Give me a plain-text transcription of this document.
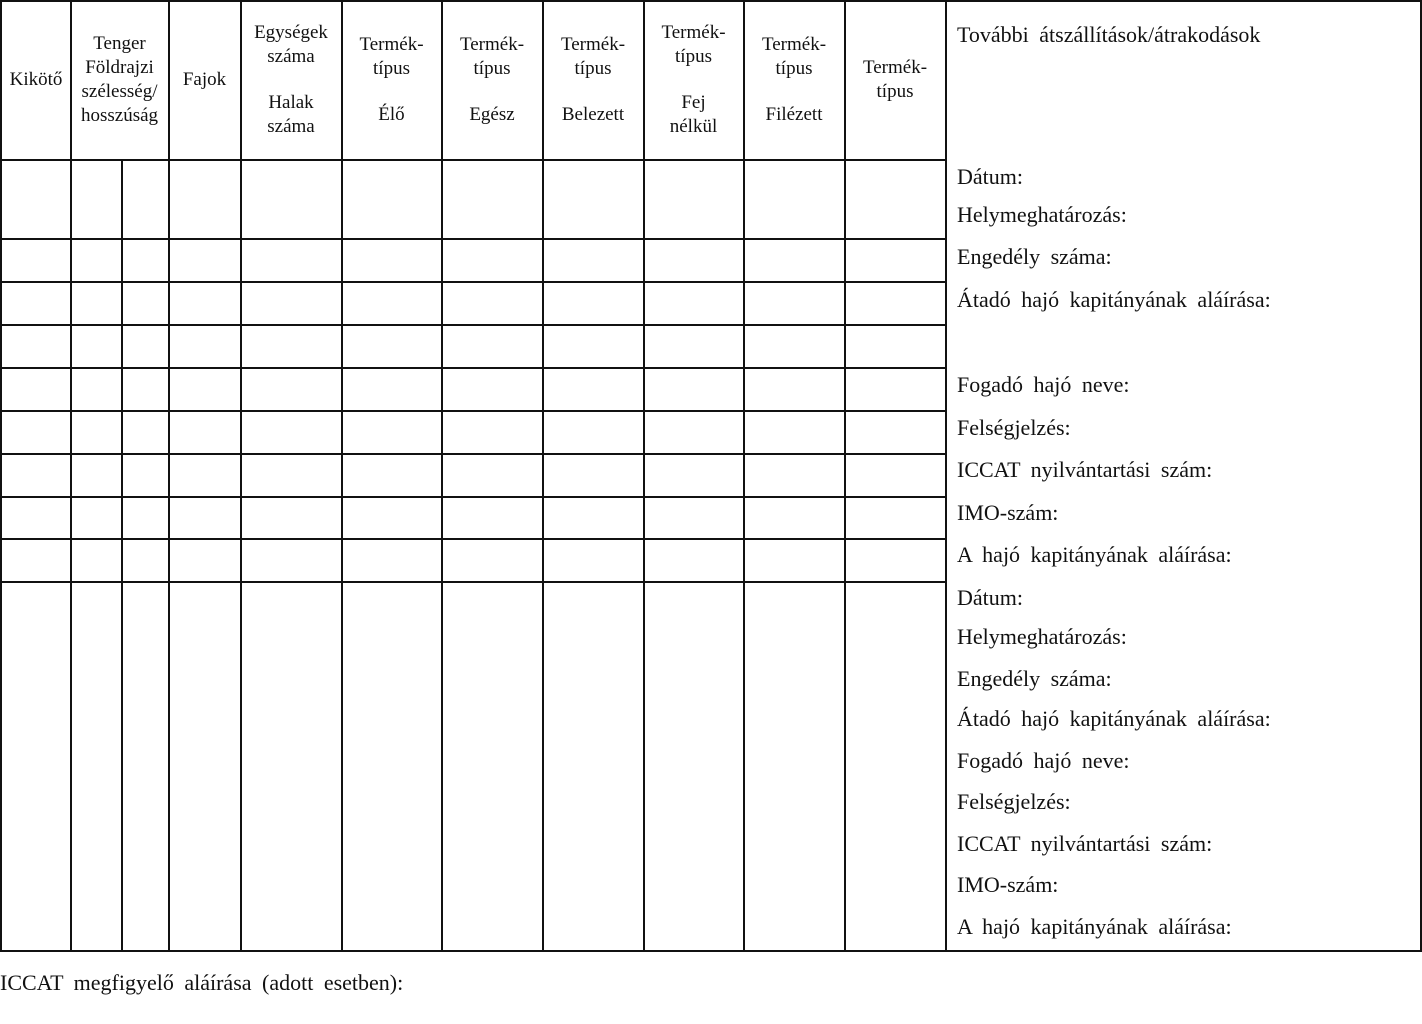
Kikötő
Tenger
Földrajzi
szélesség/
hosszúság
Fajok
Egységek
száma
Halak
száma
Termék-
típus
Élő
Termék-
típus
Egész
Termék-
típus
Belezett
Termék-
típus
Fej
nélkül
Termék-
típus
Filézett
Termék-
típus
További átszállítások/átrakodások
Dátum:
Helymeghatározás:
Engedély száma:
Átadó hajó kapitányának aláírása:
Fogadó hajó neve:
Felségjelzés:
ICCAT nyilvántartási szám:
IMO-szám:
A hajó kapitányának aláírása:
Dátum:
Helymeghatározás:
Engedély száma:
Átadó hajó kapitányának aláírása:
Fogadó hajó neve:
Felségjelzés:
ICCAT nyilvántartási szám:
IMO-szám:
A hajó kapitányának aláírása:
ICCAT megfigyelő aláírása (adott esetben):
